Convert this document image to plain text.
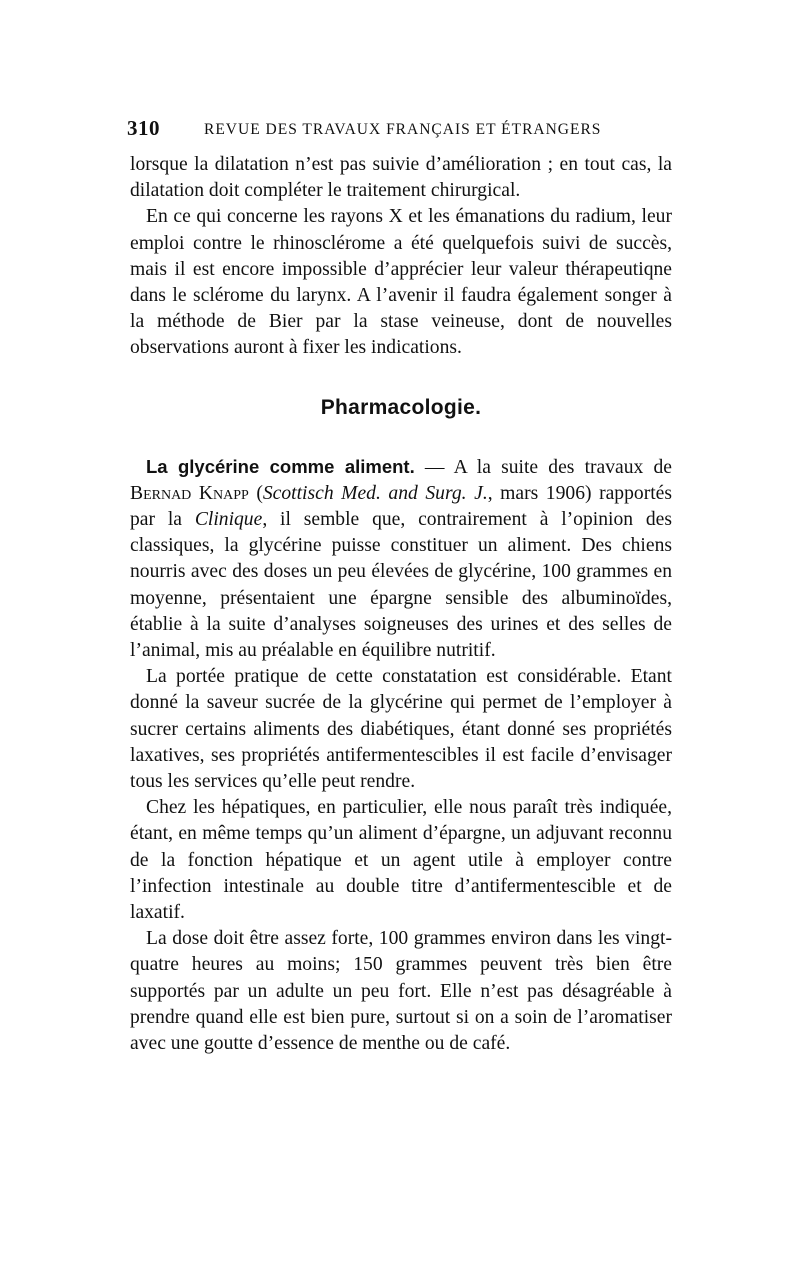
310	REVUE DES TRAVAUX FRANÇAIS ET ÉTRANGERS

lorsque la dilatation n’est pas suivie d’amélioration ; en tout cas, la dilatation doit compléter le traitement chirurgical.

En ce qui concerne les rayons X et les émanations du radium, leur emploi contre le rhinosclérome a été quelquefois suivi de succès, mais il est encore impossible d’apprécier leur valeur thérapeutiqne dans le sclérome du larynx. A l’avenir il faudra également songer à la méthode de Bier par la stase veineuse, dont de nouvelles observations auront à fixer les indications.

Pharmacologie.

La glycérine comme aliment. — A la suite des travaux de Bernad Knapp (Scottisch Med. and Surg. J., mars 1906) rapportés par la Clinique, il semble que, contrairement à l’opinion des classiques, la glycérine puisse constituer un aliment. Des chiens nourris avec des doses un peu élevées de glycérine, 100 grammes en moyenne, présentaient une épargne sensible des albuminoïdes, établie à la suite d’analyses soigneuses des urines et des selles de l’animal, mis au préalable en équilibre nutritif.

La portée pratique de cette constatation est considérable. Etant donné la saveur sucrée de la glycérine qui permet de l’employer à sucrer certains aliments des diabétiques, étant donné ses propriétés laxatives, ses propriétés antifermentescibles il est facile d’envisager tous les services qu’elle peut rendre.

Chez les hépatiques, en particulier, elle nous paraît très indiquée, étant, en même temps qu’un aliment d’épargne, un adjuvant reconnu de la fonction hépatique et un agent utile à employer contre l’infection intestinale au double titre d’antifermentescible et de laxatif.

La dose doit être assez forte, 100 grammes environ dans les vingt-quatre heures au moins; 150 grammes peuvent très bien être supportés par un adulte un peu fort. Elle n’est pas désagréable à prendre quand elle est bien pure, surtout si on a soin de l’aromatiser avec une goutte d’essence de menthe ou de café.
